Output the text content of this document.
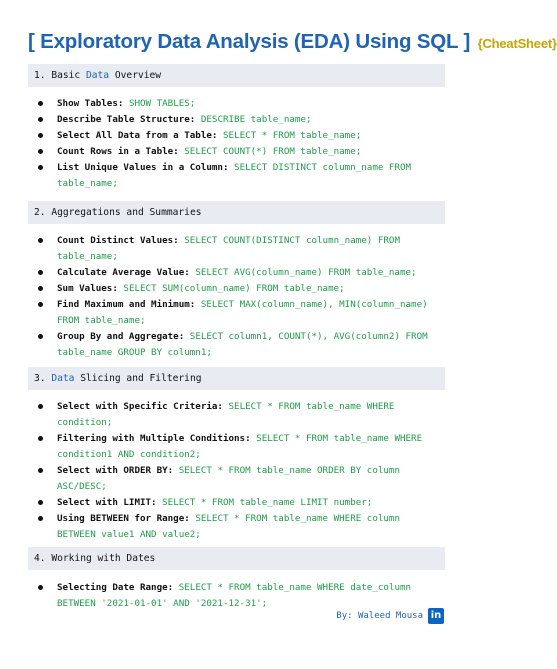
[ Exploratory Data Analysis (EDA) Using SQL ] {CheatSheet}
1. Basic Data Overview
Show Tables: SHOW TABLES;
Describe Table Structure: DESCRIBE table_name;
Select All Data from a Table: SELECT * FROM table_name;
Count Rows in a Table: SELECT COUNT(*) FROM table_name;
List Unique Values in a Column: SELECT DISTINCT column_name FROM table_name;
2. Aggregations and Summaries
Count Distinct Values: SELECT COUNT(DISTINCT column_name) FROM table_name;
Calculate Average Value: SELECT AVG(column_name) FROM table_name;
Sum Values: SELECT SUM(column_name) FROM table_name;
Find Maximum and Minimum: SELECT MAX(column_name), MIN(column_name) FROM table_name;
Group By and Aggregate: SELECT column1, COUNT(*), AVG(column2) FROM table_name GROUP BY column1;
3. Data Slicing and Filtering
Select with Specific Criteria: SELECT * FROM table_name WHERE condition;
Filtering with Multiple Conditions: SELECT * FROM table_name WHERE condition1 AND condition2;
Select with ORDER BY: SELECT * FROM table_name ORDER BY column ASC/DESC;
Select with LIMIT: SELECT * FROM table_name LIMIT number;
Using BETWEEN for Range: SELECT * FROM table_name WHERE column BETWEEN value1 AND value2;
4. Working with Dates
Selecting Date Range: SELECT * FROM table_name WHERE date_column BETWEEN '2021-01-01' AND '2021-12-31';
By: Waleed Mousa in
